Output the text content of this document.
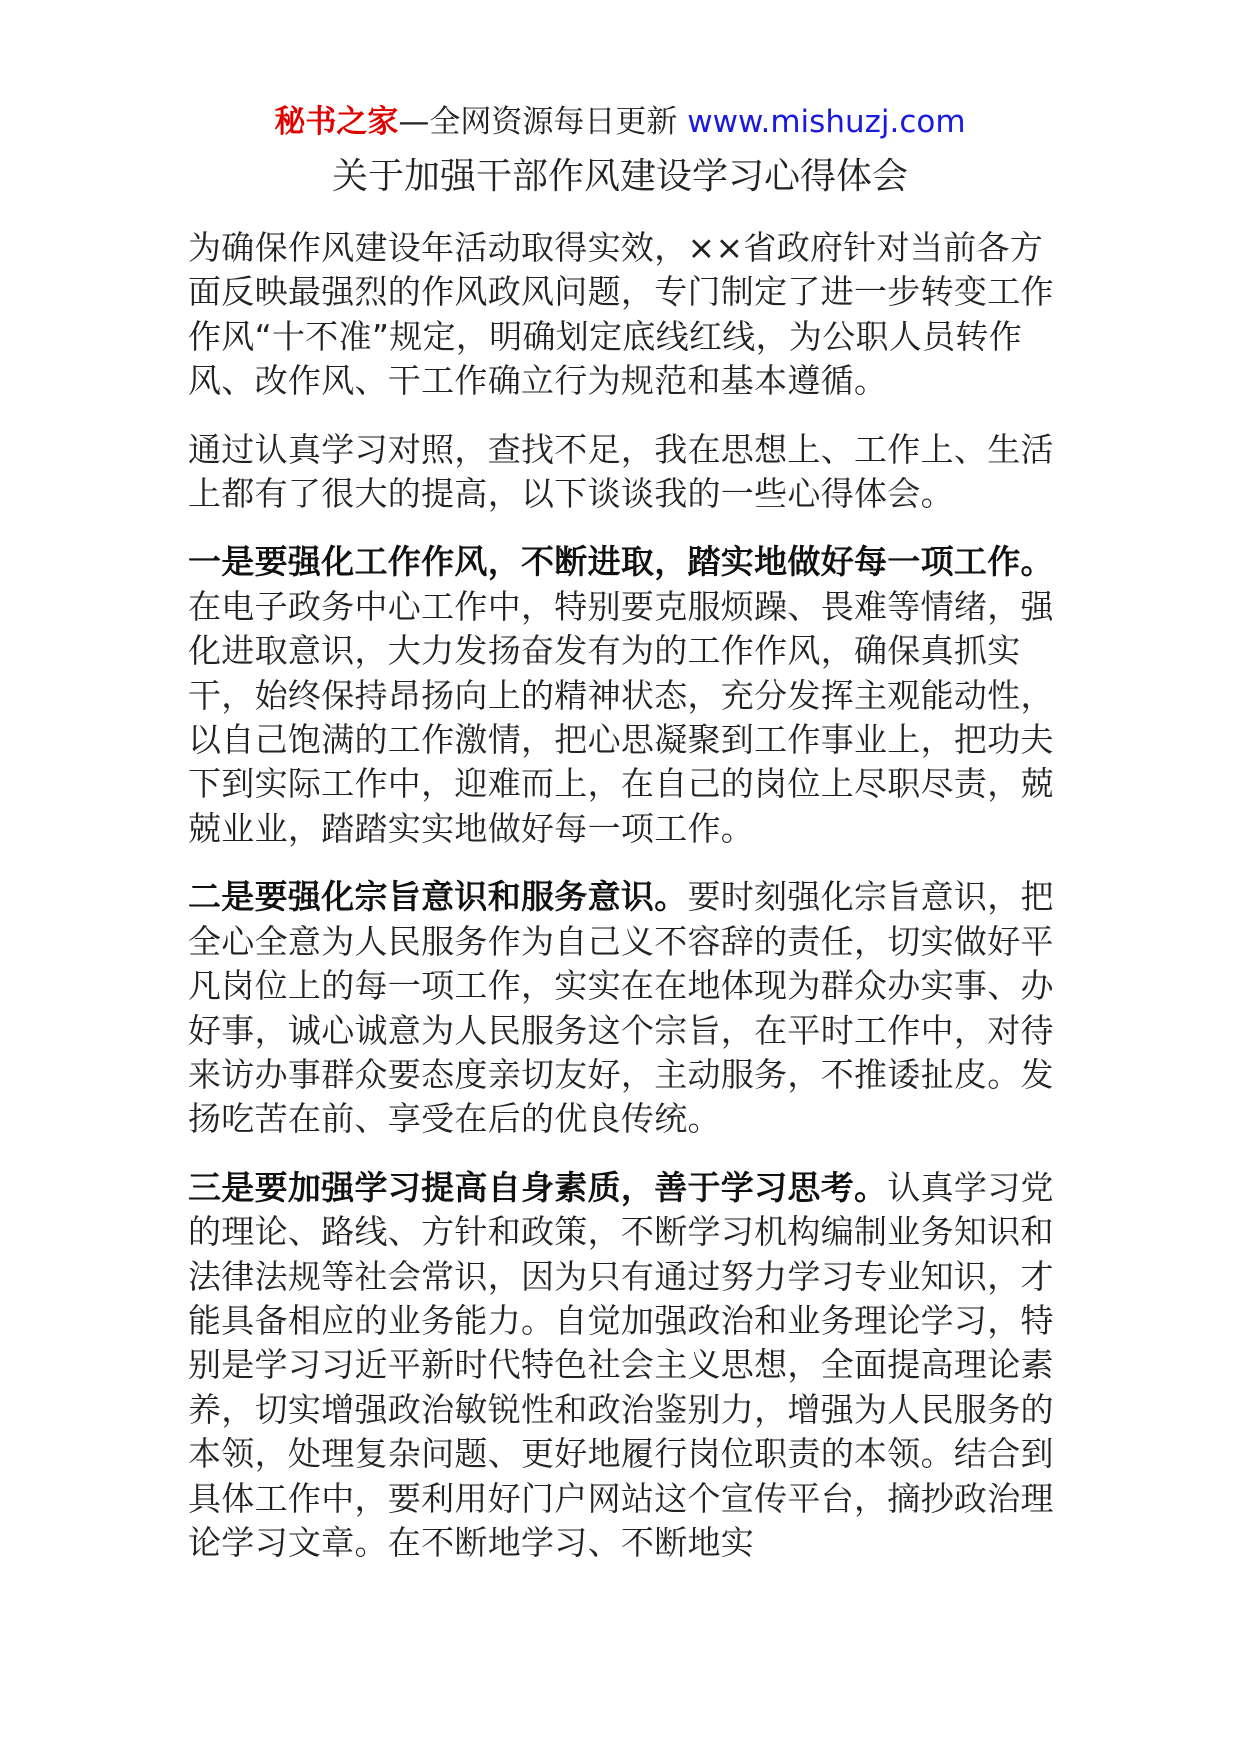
秘书之家—全网资源每日更新 www.mishuzj.com
关于加强干部作风建设学习心得体会

为确保作风建设年活动取得实效，××省政府针对当前各方面反映最强烈的作风政风问题，专门制定了进一步转变工作作风“十不准”规定，明确划定底线红线，为公职人员转作风、改作风、干工作确立行为规范和基本遵循。

通过认真学习对照，查找不足，我在思想上、工作上、生活上都有了很大的提高，以下谈谈我的一些心得体会。

一是要强化工作作风，不断进取，踏实地做好每一项工作。在电子政务中心工作中，特别要克服烦躁、畏难等情绪，强化进取意识，大力发扬奋发有为的工作作风，确保真抓实干，始终保持昂扬向上的精神状态，充分发挥主观能动性，以自己饱满的工作激情，把心思凝聚到工作事业上，把功夫下到实际工作中，迎难而上，在自己的岗位上尽职尽责，兢兢业业，踏踏实实地做好每一项工作。

二是要强化宗旨意识和服务意识。要时刻强化宗旨意识，把全心全意为人民服务作为自己义不容辞的责任，切实做好平凡岗位上的每一项工作，实实在在地体现为群众办实事、办好事，诚心诚意为人民服务这个宗旨，在平时工作中，对待来访办事群众要态度亲切友好，主动服务，不推诿扯皮。发扬吃苦在前、享受在后的优良传统。

三是要加强学习提高自身素质，善于学习思考。认真学习党的理论、路线、方针和政策，不断学习机构编制业务知识和法律法规等社会常识，因为只有通过努力学习专业知识，才能具备相应的业务能力。自觉加强政治和业务理论学习，特别是学习习近平新时代特色社会主义思想，全面提高理论素养，切实增强政治敏锐性和政治鉴别力，增强为人民服务的本领，处理复杂问题、更好地履行岗位职责的本领。结合到具体工作中，要利用好门户网站这个宣传平台，摘抄政治理论学习文章。在不断地学习、不断地实
